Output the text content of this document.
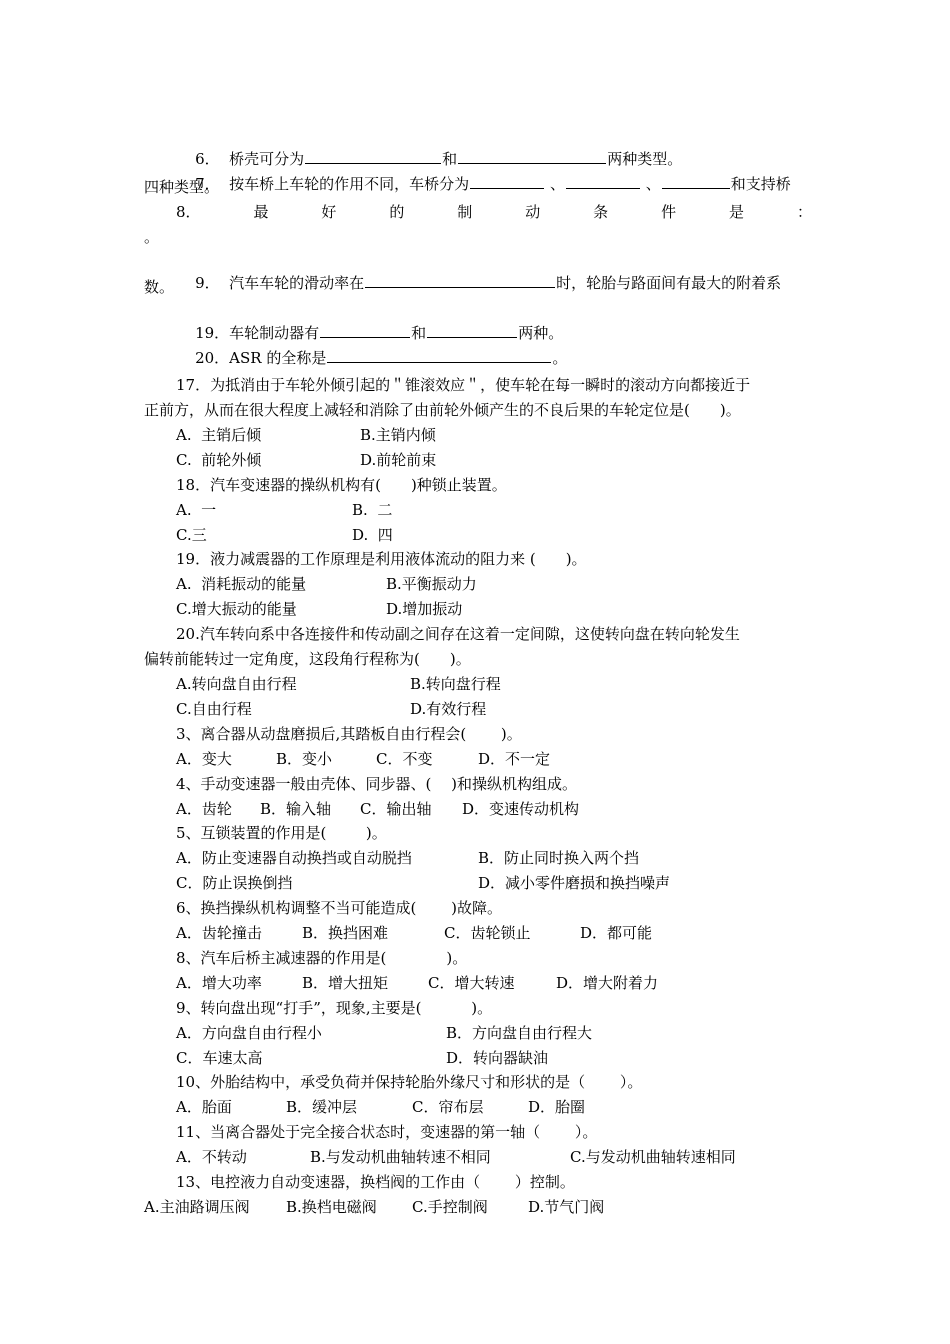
6．  桥壳可分为	和	两种类型。

7．  按车桥上车轮的作用不同，车桥分为	、	、	和支持桥

四种类型。
8．	最	好	的	制	动	条	件	是	：
。

9．  汽车车轮的滑动率在	时，轮胎与路面间有最大的附着系

数。

19．车轮制动器有	和	两种。

20．ASR 的全称是	。

17．为抵消由于车轮外倾引起的＂锥滚效应＂，使车轮在每一瞬时的滚动方向都接近于
正前方，从而在很大程度上减轻和消除了由前轮外倾产生的不良后果的车轮定位是(　　)。
A.  主销后倾	B.主销内倾
C.  前轮外倾	D.前轮前束
18．汽车变速器的操纵机构有(　　)种锁止装置。
A.  一	B.  二
C.三	D.  四
19．液力减震器的工作原理是利用液体流动的阻力来 (　　)。
A.  消耗振动的能量	B.平衡振动力
C.增大振动的能量	D.增加振动
20.汽车转向系中各连接件和传动副之间存在这着一定间隙，这使转向盘在转向轮发生
偏转前能转过一定角度，这段角行程称为(　　)。
A.转向盘自由行程	B.转向盘行程
C.自由行程	D.有效行程
3、离合器从动盘磨损后,其踏板自由行程会(　　 )。
A．变大	B．变小	C．不变	D．不一定
4、手动变速器一般由壳体、同步器、(　 )和操纵机构组成。
A．齿轮 B．输入轴 C．输出轴 D．变速传动机构
5、互锁装置的作用是(　　  )。
A．防止变速器自动换挡或自动脱挡	B．防止同时换入两个挡
C．防止误换倒挡	D．减小零件磨损和换挡噪声
6、换挡操纵机构调整不当可能造成(　　 )故障。
A．齿轮撞击	B．换挡困难	C．齿轮锁止	D．都可能
8、汽车后桥主减速器的作用是(　　　　)。
A．增大功率	B．增大扭矩	C．增大转速	D．增大附着力
9、转向盘出现“打手”，现象,主要是(　　　 )。
A．方向盘自由行程小	B．方向盘自由行程大
C．车速太高	D．转向器缺油
10、外胎结构中，承受负荷并保持轮胎外缘尺寸和形状的是（　　 ）。
A．胎面	B．缓冲层	C．帘布层	D．胎圈
11、当离合器处于完全接合状态时，变速器的第一轴（　　 ）。
A．不转动	B.与发动机曲轴转速不相同	C.与发动机曲轴转速相同
13、电控液力自动变速器，换档阀的工作由（　　 ）控制。
A.主油路调压阀 B.换档电磁阀 C.手控制阀	D.节气门阀
